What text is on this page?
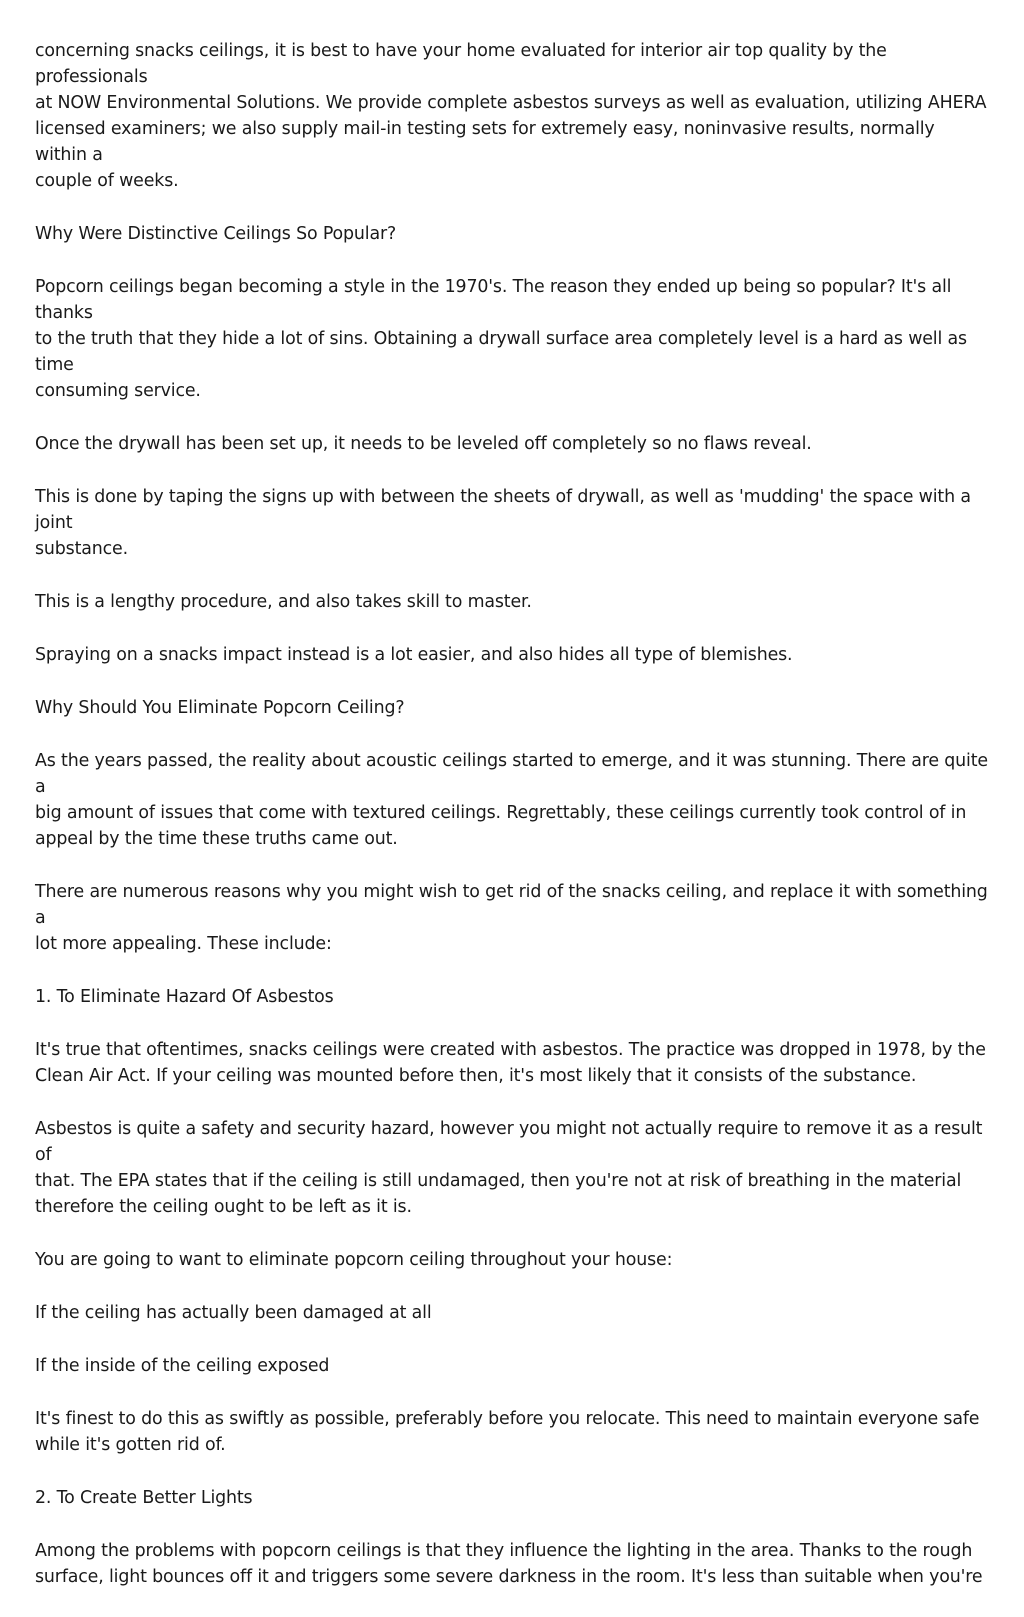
concerning snacks ceilings, it is best to have your home evaluated for interior air top quality by the professionals
at NOW Environmental Solutions. We provide complete asbestos surveys as well as evaluation, utilizing AHERA
licensed examiners; we also supply mail-in testing sets for extremely easy, noninvasive results, normally within a
couple of weeks.

Why Were Distinctive Ceilings So Popular?

Popcorn ceilings began becoming a style in the 1970's. The reason they ended up being so popular? It's all thanks
to the truth that they hide a lot of sins. Obtaining a drywall surface area completely level is a hard as well as time
consuming service.

Once the drywall has been set up, it needs to be leveled off completely so no flaws reveal.

This is done by taping the signs up with between the sheets of drywall, as well as 'mudding' the space with a joint
substance.

This is a lengthy procedure, and also takes skill to master.

Spraying on a snacks impact instead is a lot easier, and also hides all type of blemishes.

Why Should You Eliminate Popcorn Ceiling?

As the years passed, the reality about acoustic ceilings started to emerge, and it was stunning. There are quite a
big amount of issues that come with textured ceilings. Regrettably, these ceilings currently took control of in
appeal by the time these truths came out.

There are numerous reasons why you might wish to get rid of the snacks ceiling, and replace it with something a
lot more appealing. These include:

1. To Eliminate Hazard Of Asbestos

It's true that oftentimes, snacks ceilings were created with asbestos. The practice was dropped in 1978, by the
Clean Air Act. If your ceiling was mounted before then, it's most likely that it consists of the substance.

Asbestos is quite a safety and security hazard, however you might not actually require to remove it as a result of
that. The EPA states that if the ceiling is still undamaged, then you're not at risk of breathing in the material
therefore the ceiling ought to be left as it is.

You are going to want to eliminate popcorn ceiling throughout your house:

If the ceiling has actually been damaged at all

If the inside of the ceiling exposed

It's finest to do this as swiftly as possible, preferably before you relocate. This need to maintain everyone safe
while it's gotten rid of.

2. To Create Better Lights

Among the problems with popcorn ceilings is that they influence the lighting in the area. Thanks to the rough
surface, light bounces off it and triggers some severe darkness in the room. It's less than suitable when you're
